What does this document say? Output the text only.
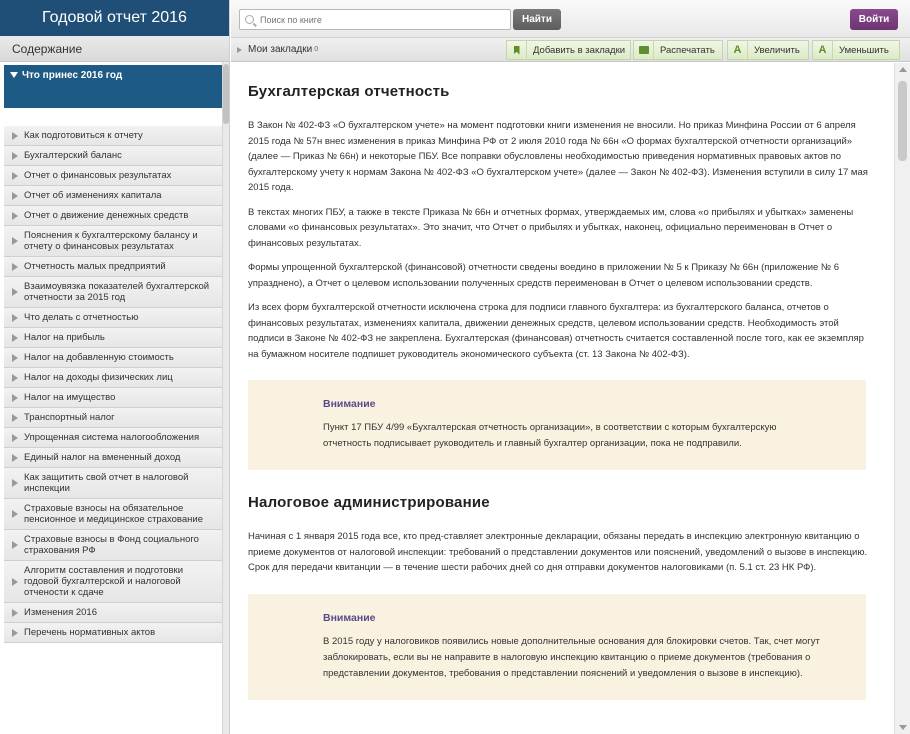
Годовой отчет 2016
Содержание
Что принес 2016 год
Как подготовиться к отчету
Бухгалтерский баланс
Отчет о финансовых результатах
Отчет об изменениях капитала
Отчет о движение денежных средств
Пояснения к бухгалтерскому балансу и отчету о финансовых результатах
Отчетность малых предприятий
Взаимоувязка показателей бухгалтерской отчетности за 2015 год
Что делать с отчетностью
Налог на прибыль
Налог на добавленную стоимость
Налог на доходы физических лиц
Налог на имущество
Транспортный налог
Упрощенная система налогообложения
Единый налог на вмененный доход
Как защитить свой отчет в налоговой инспекции
Страховые взносы на обязательное пенсионное и медицинское страхование
Страховые взносы в Фонд социального страхования РФ
Алгоритм составления и подготовки годовой бухгалтерской и налоговой отчености к сдаче
Изменения 2016
Перечень нормативных актов
Поиск по книге
Найти	Войти
Мои закладки 0	Добавить в закладки	Распечатать	A	Увеличить	A	Уменьшить
Бухгалтерская отчетность

В Закон № 402-ФЗ «О бухгалтерском учете» на момент подготовки книги изменения не вносили. Но приказ Минфина России от 6 апреля 2015 года № 57н внес изменения в приказ Минфина РФ от 2 июля 2010 года № 66н «О формах бухгалтерской отчетности организаций» (далее — Приказ № 66н) и некоторые ПБУ. Все поправки обусловлены необходимостью приведения нормативных правовых актов по бухгалтерскому учету к нормам Закона № 402-ФЗ «О бухгалтерском учете» (далее — Закон № 402-ФЗ). Изменения вступили в силу 17 мая 2015 года.

В текстах многих ПБУ, а также в тексте Приказа № 66н и отчетных формах, утверждаемых им, слова «о прибылях и убытках» заменены словами «о финансовых результатах». Это значит, что Отчет о прибылях и убытках, наконец, официально переименован в Отчет о финансовых результатах.

Формы упрощенной бухгалтерской (финансовой) отчетности сведены воедино в приложении № 5 к Приказу № 66н (приложение № 6 упразднено), а Отчет о целевом использовании полученных средств переименован в Отчет о целевом использовании средств.

Из всех форм бухгалтерской отчетности исключена строка для подписи главного бухгалтера: из бухгалтерского баланса, отчетов о финансовых результатах, изменениях капитала, движении денежных средств, целевом использовании средств. Необходимость этой подписи в Законе № 402-ФЗ не закреплена. Бухгалтерская (финансовая) отчетность считается составленной после того, как ее экземпляр на бумажном носителе подпишет руководитель экономического субъекта (ст. 13 Закона № 402-ФЗ).

Внимание
Пункт 17 ПБУ 4/99 «Бухгалтерская отчетность организации», в соответствии с которым бухгалтерскую отчетность подписывает руководитель и главный бухгалтер организации, пока не подправили.
Налоговое администрирование

Начиная с 1 января 2015 года все, кто пред-ставляет электронные декларации, обязаны передать в инспекцию электронную квитанцию о приеме документов от налоговой инспекции: требований о представлении документов или пояснений, уведомлений о вызове в инспекцию. Срок для передачи квитанции — в течение шести рабочих дней со дня отправки документов налоговиками (п. 5.1 ст. 23 НК РФ).

Внимание
В 2015 году у налоговиков появились новые дополнительные основания для блокировки счетов. Так, счет могут заблокировать, если вы не направите в налоговую инспекцию квитанцию о приеме документов (требования о представлении документов, требования о представлении пояснений и уведомления о вызове в инспекцию).
